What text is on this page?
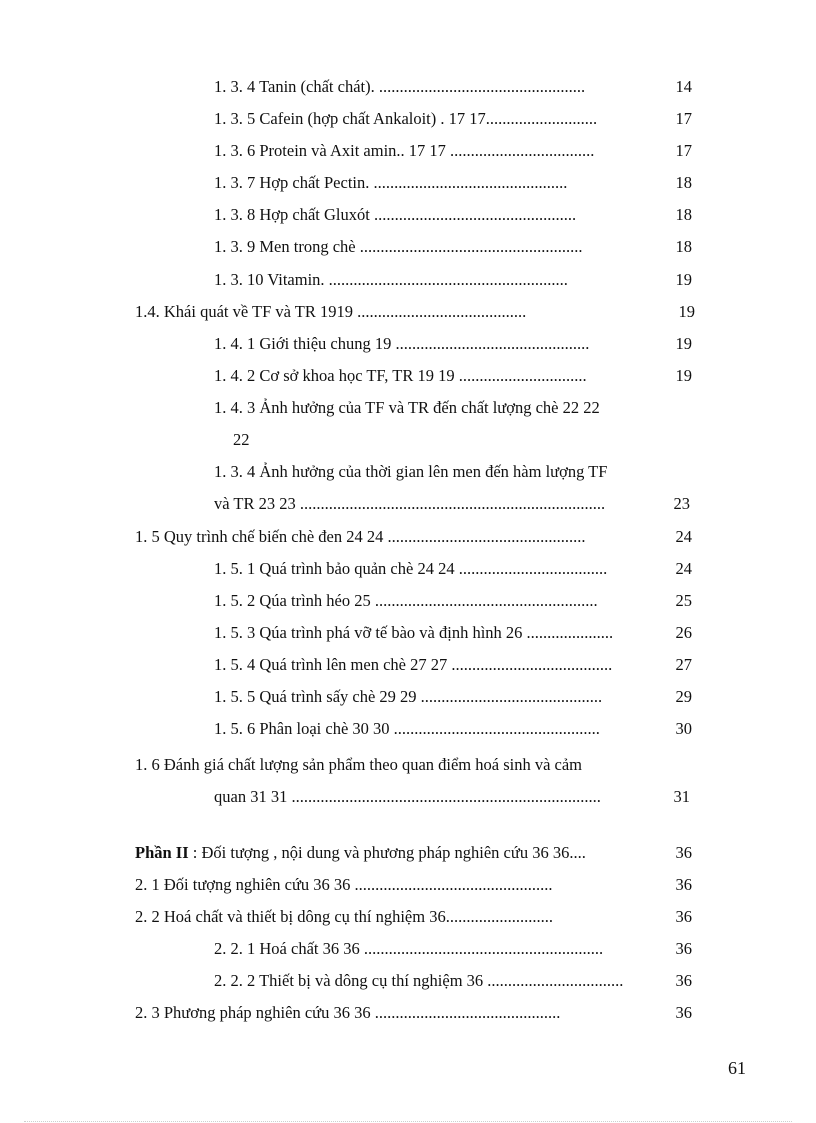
1. 3. 4 Tanin (chất chát). ..................................................	14
1. 3. 5 Cafein (hợp chất Ankaloit) . 17 17...........................	17
1. 3. 6 Protein và Axit amin.. 17 17 ...................................	17
1. 3. 7 Hợp chất Pectin. ...............................................	18
1. 3. 8 Hợp chất Gluxót .................................................	18
1. 3. 9 Men trong chè ......................................................	18
1. 3. 10 Vitamin. ..........................................................	19
1.4. Khái quát về TF và TR 1919 .........................................	19
1. 4. 1 Giới thiệu chung 19 ...............................................	19
1. 4. 2 Cơ sở khoa học TF, TR 19 19 ...............................	19
1. 4. 3 Ảnh hưởng của TF và TR đến chất lượng chè 22 22
22
1. 3. 4 Ảnh hưởng của thời gian lên men đến hàm lượng TF
và TR 23 23 ..........................................................................	23
1. 5 Quy trình chế biến chè đen 24 24 ................................................	24
1. 5. 1 Quá trình bảo quản chè 24 24 ....................................	24
1. 5. 2 Qúa trình héo 25 ......................................................	25
1. 5. 3 Qúa trình phá vỡ tế bào và định hình 26 .....................	26
1. 5. 4 Quá trình lên men chè 27 27 .......................................	27
1. 5. 5 Quá trình sấy chè 29 29 ............................................	29
1. 5. 6 Phân loại chè 30 30 ..................................................	30
1. 6 Đánh giá chất lượng sản phẩm theo quan điểm hoá sinh và cảm
quan 31 31 ...........................................................................	31
Phần II : Đối tượng , nội dung và phương pháp nghiên cứu 36 36....	36
2. 1 Đối tượng nghiên cứu 36 36 ................................................	36
2. 2 Hoá chất và thiết bị dông cụ thí nghiệm 36..........................	36
2. 2. 1 Hoá chất 36 36 ..........................................................	36
2. 2. 2 Thiết bị và dông cụ thí nghiệm 36 .................................	36
2. 3 Phương pháp nghiên cứu 36 36 .............................................	36
61
